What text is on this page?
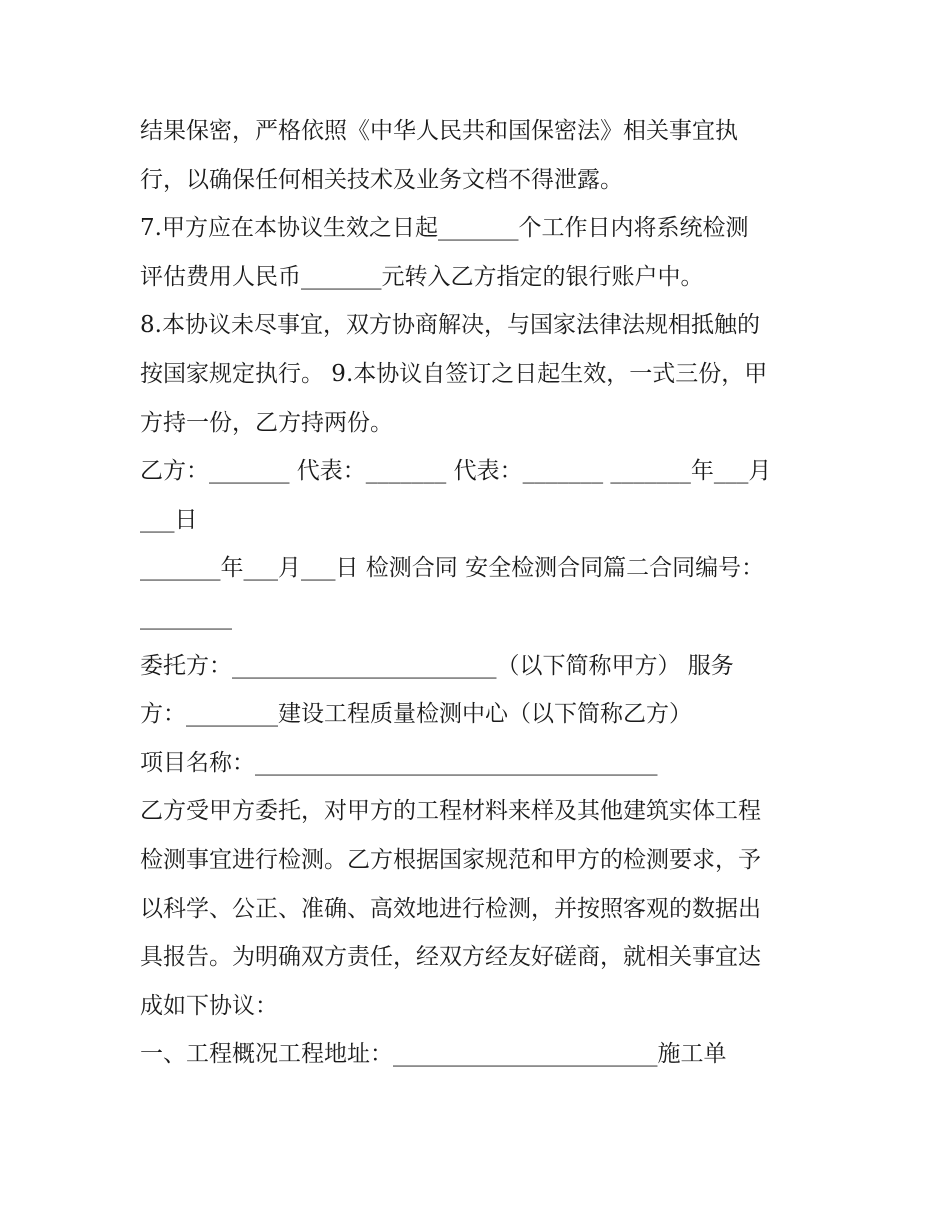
结果保密，严格依照《中华人民共和国保密法》相关事宜执
行，以确保任何相关技术及业务文档不得泄露。
7.甲方应在本协议生效之日起_______个工作日内将系统检测
评估费用人民币_______元转入乙方指定的银行账户中。
8.本协议未尽事宜，双方协商解决，与国家法律法规相抵触的
按国家规定执行。 9.本协议自签订之日起生效，一式三份，甲
方持一份，乙方持两份。
乙方：_______ 代表：_______ 代表：_______ _______年___月
___日
_______年___月___日 检测合同 安全检测合同篇二合同编号：
________
委托方：_______________________（以下简称甲方） 服务
方：________建设工程质量检测中心（以下简称乙方）
项目名称：___________________________________
乙方受甲方委托，对甲方的工程材料来样及其他建筑实体工程
检测事宜进行检测。乙方根据国家规范和甲方的检测要求，予
以科学、公正、准确、高效地进行检测，并按照客观的数据出
具报告。为明确双方责任，经双方经友好磋商，就相关事宜达
成如下协议：
一、工程概况工程地址：_______________________施工单
